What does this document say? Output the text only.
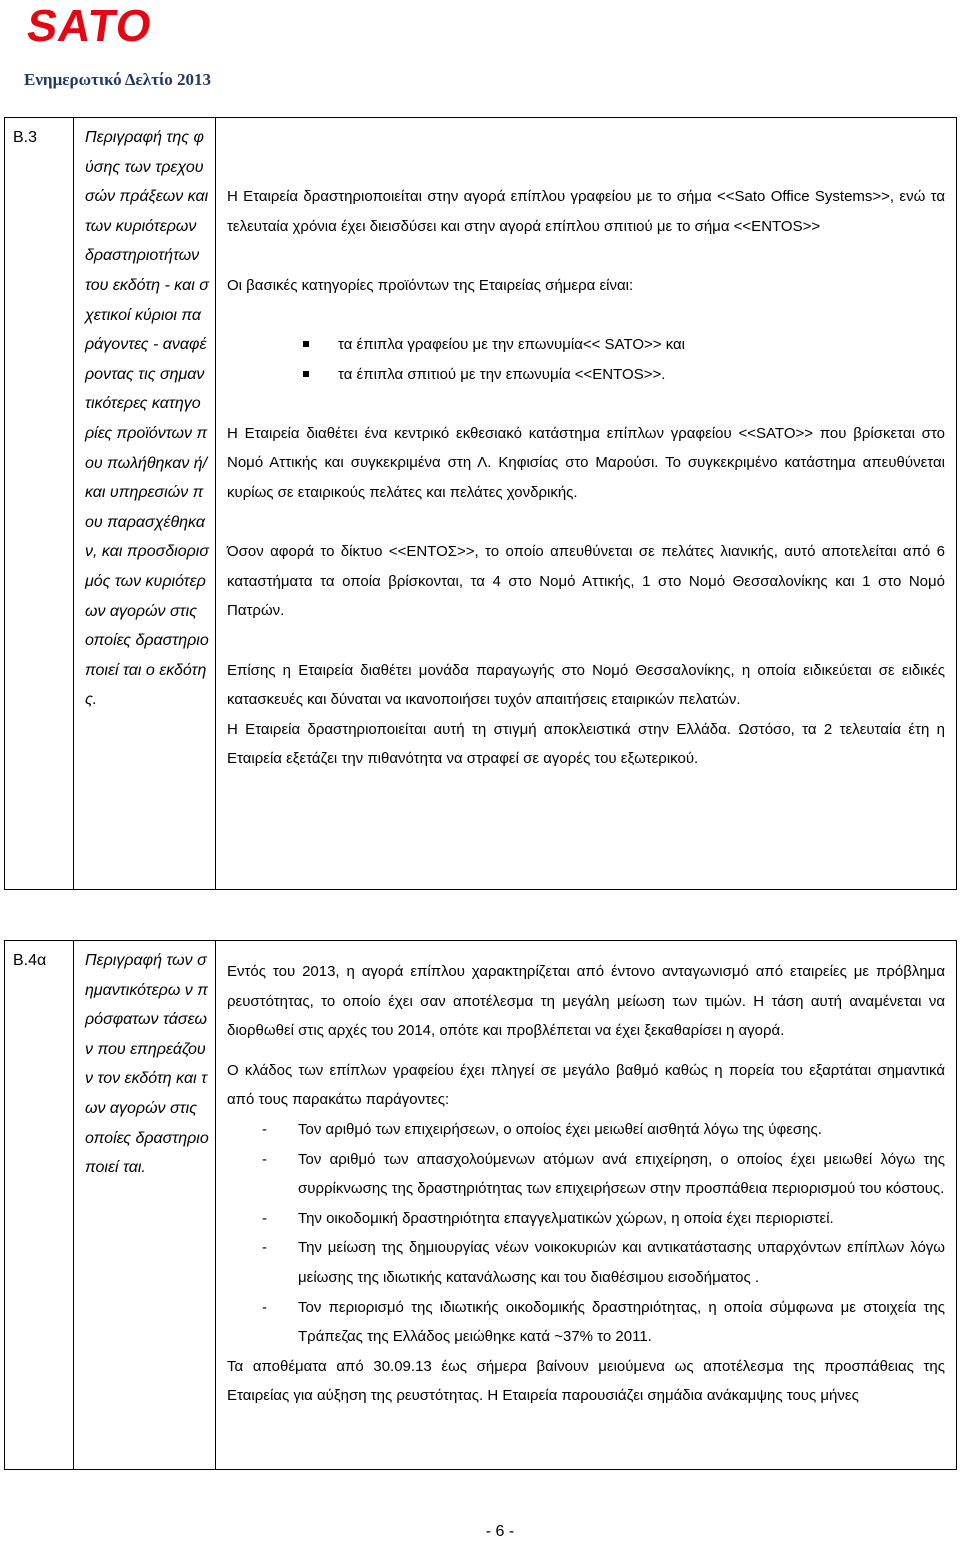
SATO
Ενημερωτικό Δελτίο 2013
B.3	Περιγραφή της φύσης των τρεχουσών πράξεων και των κυριότερων δραστηριοτήτων του εκδότη - και σχετικοί κύριοι παράγοντες - αναφέροντας τις σημαντικότερες κατηγορίες προϊόντων που πωλήθηκαν ή/και υπηρεσιών που παρασχέθηκαν, και προσδιορισμός των κυριότερων αγορών στις οποίες δραστηριοποιεί ται ο εκδότης.

Η Εταιρεία δραστηριοποιείται στην αγορά επίπλου γραφείου με το σήμα <<Sato Office Systems>>, ενώ τα τελευταία χρόνια έχει διεισδύσει και στην αγορά επίπλου σπιτιού με το σήμα <<ENTOS>>

Οι βασικές κατηγορίες προϊόντων της Εταιρείας σήμερα είναι:

τα έπιπλα γραφείου με την επωνυμία<< SATO>> και
τα έπιπλα σπιτιού με την επωνυμία <<ENTOS>>.

Η Εταιρεία διαθέτει ένα κεντρικό εκθεσιακό κατάστημα επίπλων γραφείου <<SATO>> που βρίσκεται στο Νομό Αττικής και συγκεκριμένα στη Λ. Κηφισίας στο Μαρούσι. Το συγκεκριμένο κατάστημα απευθύνεται κυρίως σε εταιρικούς πελάτες και πελάτες χονδρικής.

Όσον αφορά το δίκτυο <<ΕΝΤΟΣ>>, το οποίο απευθύνεται σε πελάτες λιανικής, αυτό αποτελείται από 6 καταστήματα τα οποία βρίσκονται, τα 4 στο Νομό Αττικής, 1 στο Νομό Θεσσαλονίκης και 1 στο Νομό Πατρών.

Επίσης η Εταιρεία διαθέτει μονάδα παραγωγής στο Νομό Θεσσαλονίκης, η οποία ειδικεύεται σε ειδικές κατασκευές και δύναται να ικανοποιήσει τυχόν απαιτήσεις εταιρικών πελατών.

Η Εταιρεία δραστηριοποιείται αυτή τη στιγμή αποκλειστικά στην Ελλάδα. Ωστόσο, τα 2 τελευταία έτη η Εταιρεία εξετάζει την πιθανότητα να στραφεί σε αγορές του εξωτερικού.

B.4α	Περιγραφή των σημαντικότερω ν πρόσφατων τάσεων που επηρεάζουν τον εκδότη και των αγορών στις οποίες δραστηριοποιεί ται.

Εντός του 2013, η αγορά επίπλου χαρακτηρίζεται από έντονο ανταγωνισμό από εταιρείες με πρόβλημα ρευστότητας, το οποίο έχει σαν αποτέλεσμα τη μεγάλη μείωση των τιμών. Η τάση αυτή αναμένεται να διορθωθεί στις αρχές του 2014, οπότε και προβλέπεται να έχει ξεκαθαρίσει η αγορά.

Ο κλάδος των επίπλων γραφείου έχει πληγεί σε μεγάλο βαθμό καθώς η πορεία του εξαρτάται σημαντικά από τους παρακάτω παράγοντες:

- Τον αριθμό των επιχειρήσεων, ο οποίος έχει μειωθεί αισθητά λόγω της ύφεσης.
- Τον αριθμό των απασχολούμενων ατόμων ανά επιχείρηση, ο οποίος έχει μειωθεί λόγω της συρρίκνωσης της δραστηριότητας των επιχειρήσεων στην προσπάθεια περιορισμού του κόστους.
- Την οικοδομική δραστηριότητα επαγγελματικών χώρων, η οποία έχει περιοριστεί.
- Την μείωση της δημιουργίας νέων νοικοκυριών και αντικατάστασης υπαρχόντων επίπλων λόγω μείωσης της ιδιωτικής κατανάλωσης και του διαθέσιμου εισοδήματος .
- Τον περιορισμό της ιδιωτικής οικοδομικής δραστηριότητας, η οποία σύμφωνα με στοιχεία της Τράπεζας της Ελλάδος μειώθηκε κατά ~37% το 2011.

Τα αποθέματα από 30.09.13 έως σήμερα βαίνουν μειούμενα ως αποτέλεσμα της προσπάθειας της Εταιρείας για αύξηση της ρευστότητας. Η Εταιρεία παρουσιάζει σημάδια ανάκαμψης τους μήνες

- 6 -
